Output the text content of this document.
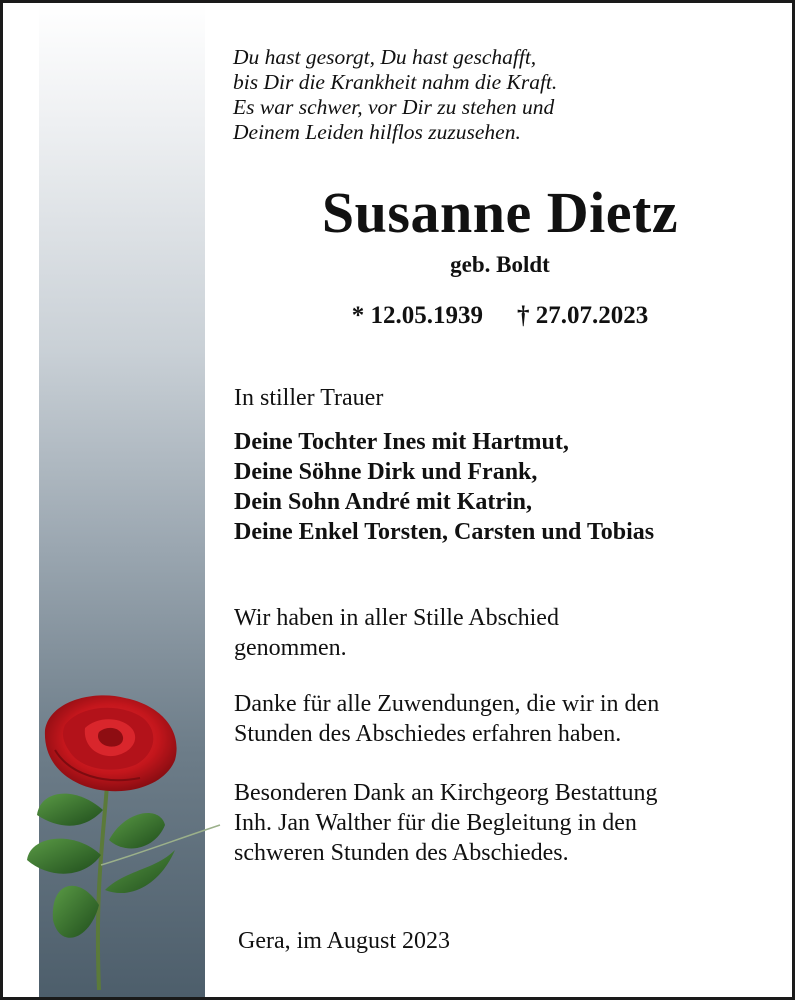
Du hast gesorgt, Du hast geschafft,
bis Dir die Krankheit nahm die Kraft.
Es war schwer, vor Dir zu stehen und
Deinem Leiden hilflos zuzusehen.
Susanne Dietz
geb. Boldt
* 12.05.1939 † 27.07.2023
In stiller Trauer
Deine Tochter Ines mit Hartmut,
Deine Söhne Dirk und Frank,
Dein Sohn André mit Katrin,
Deine Enkel Torsten, Carsten und Tobias
Wir haben in aller Stille Abschied
genommen.
Danke für alle Zuwendungen, die wir in den
Stunden des Abschiedes erfahren haben.
Besonderen Dank an Kirchgeorg Bestattung
Inh. Jan Walther für die Begleitung in den
schweren Stunden des Abschiedes.
Gera, im August 2023
